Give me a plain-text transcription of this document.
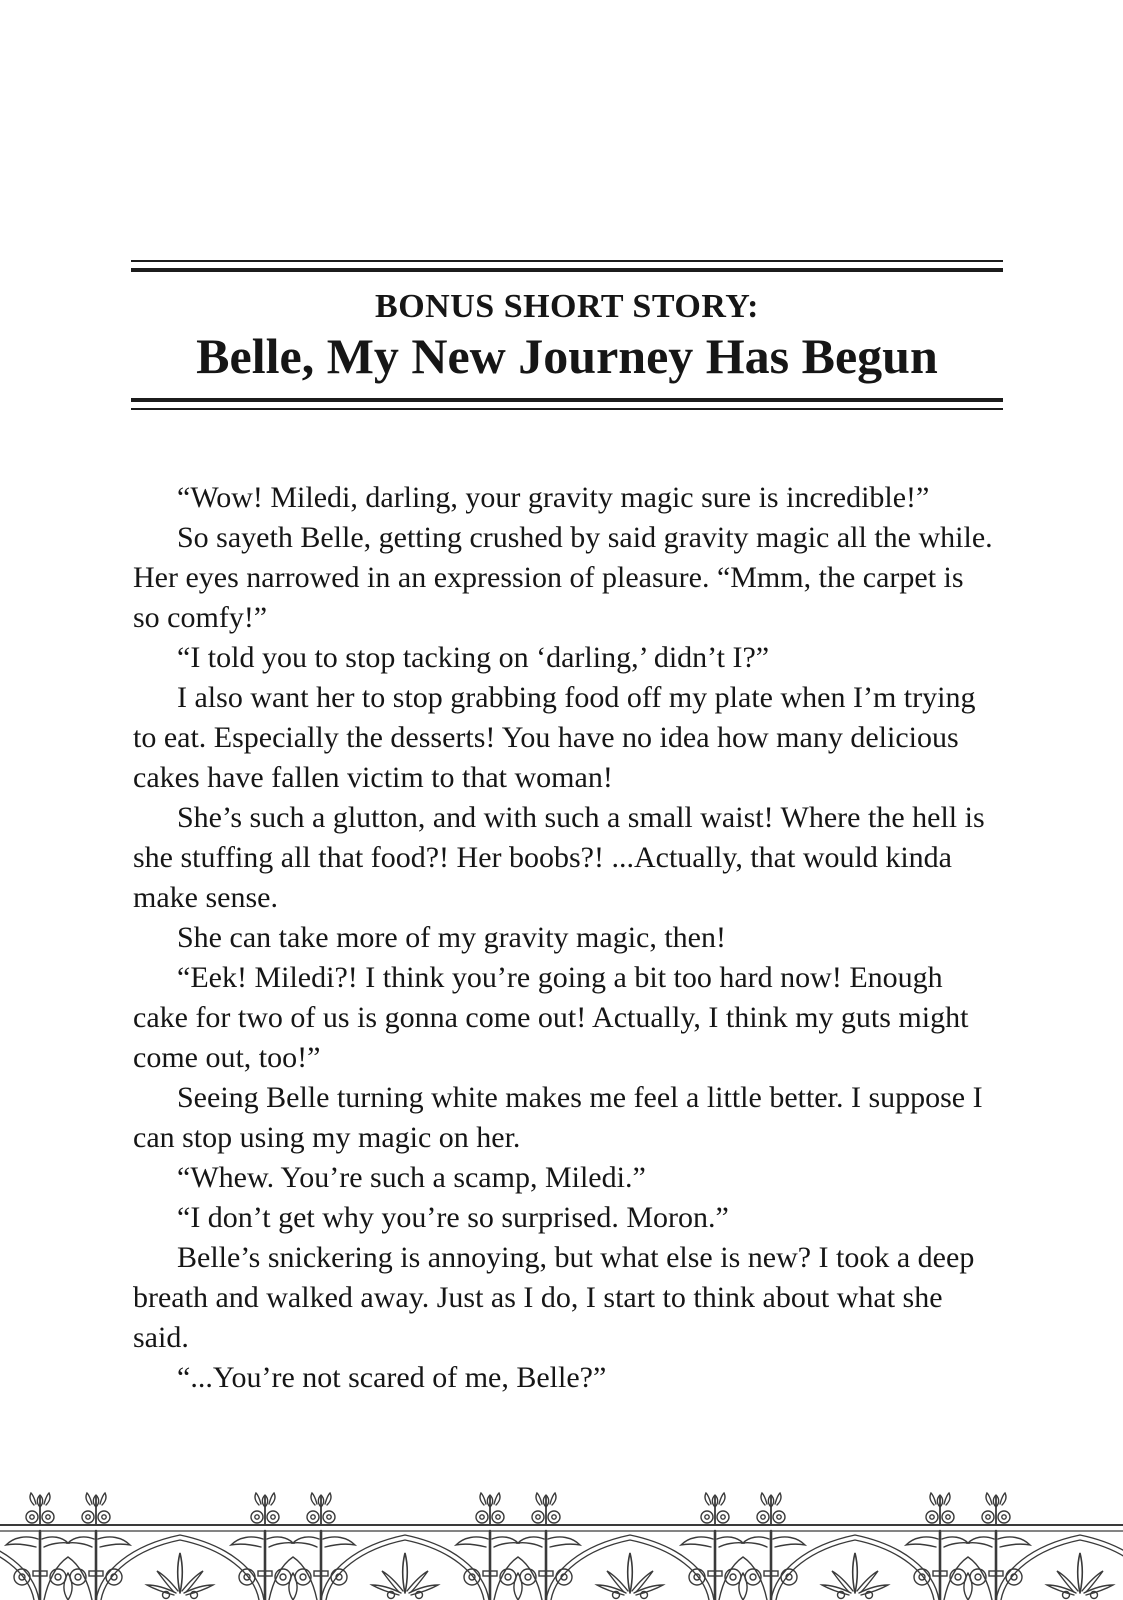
BONUS SHORT STORY:
Belle, My New Journey Has Begun

“Wow! Miledi, darling, your gravity magic sure is incredible!”

So sayeth Belle, getting crushed by said gravity magic all the while. Her eyes narrowed in an expression of pleasure. “Mmm, the carpet is so comfy!”

“I told you to stop tacking on ‘darling,’ didn’t I?”

I also want her to stop grabbing food off my plate when I’m trying to eat. Especially the desserts! You have no idea how many delicious cakes have fallen victim to that woman!

She’s such a glutton, and with such a small waist! Where the hell is she stuffing all that food?! Her boobs?! ...Actually, that would kinda make sense.

She can take more of my gravity magic, then!

“Eek! Miledi?! I think you’re going a bit too hard now! Enough cake for two of us is gonna come out! Actually, I think my guts might come out, too!”

Seeing Belle turning white makes me feel a little better. I suppose I can stop using my magic on her.

“Whew. You’re such a scamp, Miledi.”

“I don’t get why you’re so surprised. Moron.”

Belle’s snickering is annoying, but what else is new? I took a deep breath and walked away. Just as I do, I start to think about what she said.

“...You’re not scared of me, Belle?”
